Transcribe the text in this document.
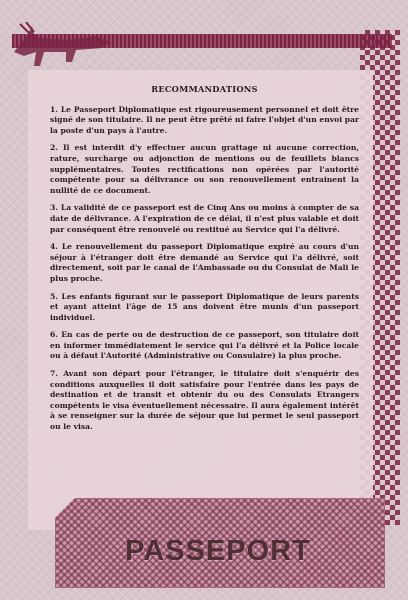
RECOMMANDATIONS

1. Le Passeport Diplomatique est rigoureusement personnel et doit être signé de son titulaire. Il ne peut être prêté ni faire l'objet d'un envoi par la poste d'un pays à l'autre.

2. Il est interdit d'y effectuer aucun grattage ni aucune correction, rature, surcharge ou adjonction de mentions ou de feuillets blancs supplémentaires. Toutes rectifications non opérées par l'autorité compétente pour sa délivrance ou son renouvellement entrainent la nullité de ce document.

3. La validité de ce passeport est de Cinq Ans ou moins à compter de sa date de délivrance. A l'expiration de ce délai, il n'est plus valable et doit par conséquent être renouvelé ou restitué au Service qui l'a délivré.

4. Le renouvellement du passeport Diplomatique expiré au cours d'un séjour à l'étranger doit être demandé au Service qui l'a délivré, soit directement, soit par le canal de l'Ambassade ou du Consulat de Mali le plus proche.

5. Les enfants figurant sur le passeport Diplomatique de leurs parents et ayant atteint l'âge de 15 ans doivent être munis d'un passeport individuel.

6. En cas de perte ou de destruction de ce passeport, son titulaire doit en informer immédiatement le service qui l'a délivré et la Police locale ou à défaut l'Autorité (Administrative ou Consulaire) la plus proche.

7. Avant son départ pour l'étranger, le titulaire doit s'enquérir des conditions auxquelles il doit satisfaire pour l'entrée dans les pays de destination et de transit et obtenir du ou des Consulats Etrangers compétents le visa éventuellement nécessaire. Il aura également intérêt à se renseigner sur la durée de séjour que lui permet le seul passeport ou le visa.

PASSEPORT
